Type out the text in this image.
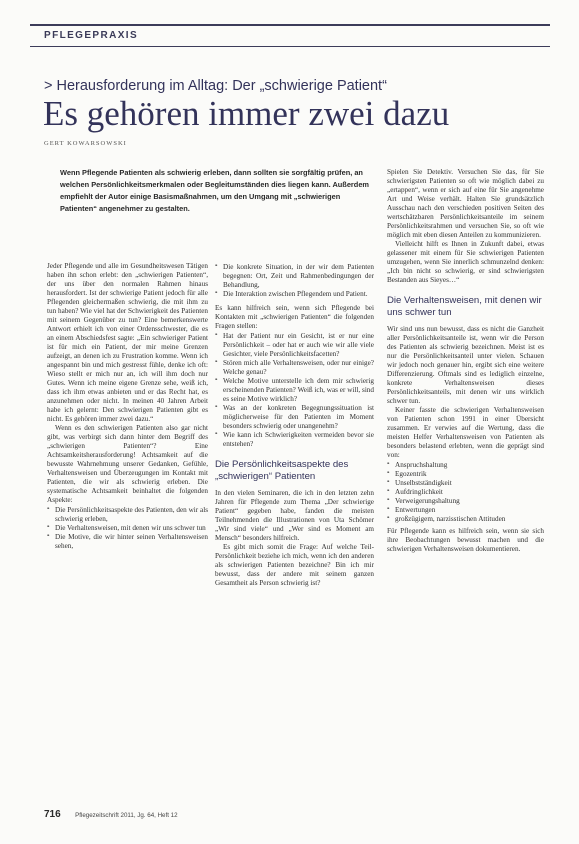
PFLEGEPRAXIS
> Herausforderung im Alltag: Der „schwierige Patient“
Es gehören immer zwei dazu
GERT KOWARSOWSKI
Wenn Pflegende Patienten als schwierig erleben, dann sollten sie sorgfältig prüfen, an welchen Persönlichkeitsmerkmalen oder Begleitumständen dies liegen kann. Außerdem empfiehlt der Autor einige Basismaßnahmen, um den Umgang mit „schwierigen Patienten“ angenehmer zu gestalten.

Jeder Pflegende und alle im Gesundheitswesen Tätigen haben ihn schon erlebt: den „schwierigen Patienten“, der uns über den normalen Rahmen hinaus herausfordert. Ist der schwierige Patient jedoch für alle Pflegenden gleichermaßen schwierig, die mit ihm zu tun haben? Wie viel hat der Schwierigkeit des Patienten mit seinem Gegenüber zu tun? Eine bemerkenswerte Antwort erhielt ich von einer Ordensschwester, die es an einem Abschiedsfest sagte: „Ein schwieriger Patient ist für mich ein Patient, der mir meine Grenzen aufzeigt, an denen ich zu Frustration komme. Wenn ich angespannt bin und mich gestresst fühle, denke ich oft: Wieso stellt er mich nur an, ich will ihm doch nur Gutes. Wenn ich meine eigene Grenze sehe, weiß ich, dass ich ihm etwas anbieten und er das Recht hat, es anzunehmen oder nicht. In meinen 40 Jahren Arbeit habe ich gelernt: Den schwierigen Patienten gibt es nicht. Es gehören immer zwei dazu.“

Wenn es den schwierigen Patienten also gar nicht gibt, was verbirgt sich dann hinter dem Begriff des „schwierigen Patienten“? Eine Achtsamkeitsherausforderung! Achtsamkeit auf die bewusste Wahrnehmung unserer Gedanken, Gefühle, Verhaltensweisen und Überzeugungen im Kontakt mit Patienten, die wir als schwierig erleben. Die systematische Achtsamkeit beinhaltet die folgenden Aspekte:

•• Die Persönlichkeitsaspekte des Patienten, den wir als schwierig erleben,
•• Die Verhaltensweisen, mit denen wir uns schwer tun
•• Die Motive, die wir hinter seinen Verhaltensweisen sehen,
•• Die konkrete Situation, in der wir dem Patienten begegnen: Ort, Zeit und Rahmenbedingungen der Behandlung,
•• Die Interaktion zwischen Pflegendem und Patient.

Es kann hilfreich sein, wenn sich Pflegende bei Kontakten mit „schwierigen Patienten“ die folgenden Fragen stellen:

•• Hat der Patient nur ein Gesicht, ist er nur eine Persönlichkeit – oder hat er auch wie wir alle viele Gesichter, viele Persönlichkeitsfacetten?
•• Stören mich alle Verhaltensweisen, oder nur einige? Welche genau?
•• Welche Motive unterstelle ich dem mir schwierig erscheinenden Patienten? Weiß ich, was er will, sind es seine Motive wirklich?
•• Was an der konkreten Begegnungssituation ist möglicherweise für den Patienten im Moment besonders schwierig oder unangenehm?
•• Wie kann ich Schwierigkeiten vermeiden bevor sie entstehen?
Die Persönlichkeitsaspekte des „schwierigen“ Patienten

In den vielen Seminaren, die ich in den letzten zehn Jahren für Pflegende zum Thema „Der schwierige Patient“ gegeben habe, fanden die meisten Teilnehmenden die Illustrationen von Uta Schömer „Wir sind viele“ und „Wer sind es Moment am Mensch“ besonders hilfreich.

Es gibt mich somit die Frage: Auf welche Teil-Persönlichkeit beziehe ich mich, wenn ich den anderen als schwierigen Patienten bezeichne? Bin ich mir bewusst, dass der andere mit seinem ganzen Gesamtheit als Person schwierig ist?

Spielen Sie Detektiv. Versuchen Sie das, für Sie schwierigsten Patienten so oft wie möglich dabei zu „ertappen“, wenn er sich auf eine für Sie angenehme Art und Weise verhält. Halten Sie grundsätzlich Ausschau nach den verschieden positiven Seiten des wertschätzbaren Persönlichkeitsanteile im seinem Persönlichkeitsrahmen und versuchen Sie, so oft wie möglich mit eben diesen Anteilen zu kommunizieren.

Vielleicht hilft es Ihnen in Zukunft dabei, etwas gelassener mit einem für Sie schwierigen Patienten umzugehen, wenn Sie innerlich schmunzelnd denken: „Ich bin nicht so schwierig, er sind schwierigsten Bestanden aus Sieyes…“

Die Verhaltensweisen, mit denen wir uns schwer tun

Wir sind uns nun bewusst, dass es nicht die Ganzheit aller Persönlichkeitsanteile ist, wenn wir die Person des Patienten als schwierig bezeichnen. Meist ist es nur die Persönlichkeitsanteil unter vielen. Schauen wir jedoch noch genauer hin, ergibt sich eine weitere Differenzierung. Oftmals sind es lediglich einzelne, konkrete Verhaltensweisen dieses Persönlichkeitsanteils, mit denen wir uns wirklich schwer tun.

Keiner fasste die schwierigen Verhaltensweisen von Patienten schon 1991 in einer Übersicht zusammen. Er verwies auf die Wertung, dass die meisten Helfer Verhaltensweisen von Patienten als besonders belastend erlebten, wenn die geprägt sind von:

•• Anspruchshaltung
•• Egozentrik
•• Unselbstständigkeit
•• Aufdringlichkeit
•• Verweigerungshaltung
•• Entwertungen
•• großzügigem, narzisstischen Attituden

Für Pflegende kann es hilfreich sein, wenn sie sich ihre Beobachtungen bewusst machen und die schwierigen Verhaltensweisen dokumentieren.

716 Pflegezeitschrift 2011, Jg. 64, Heft 12
